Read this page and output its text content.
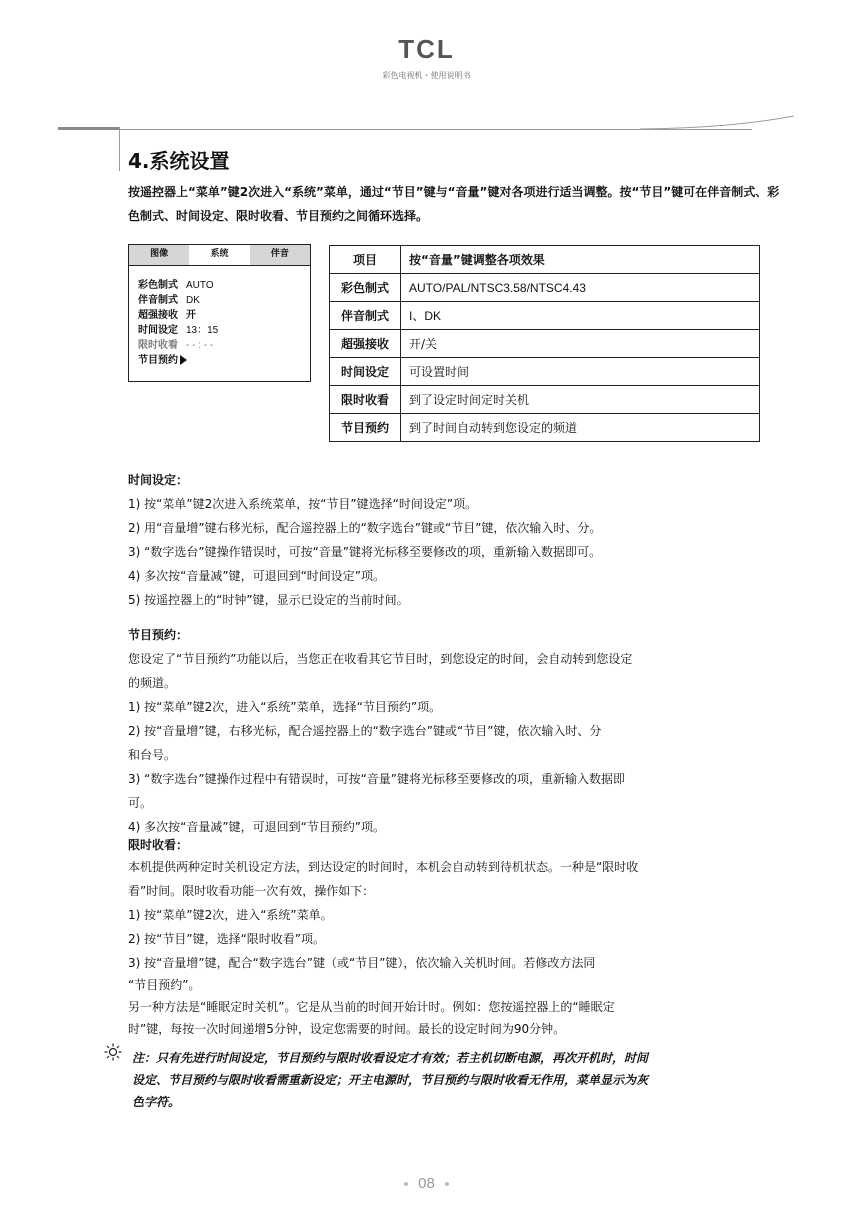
TCL
彩色电视机・使用说明书
4.系统设置
按遥控器上“菜单”键2次进入“系统”菜单，通过“节目”键与“音量”键对各项进行适当调整。按“节目”键可在伴音制式、彩色制式、时间设定、限时收看、节目预约之间循环选择。
图像	系统	伴音
彩色制式 AUTO
伴音制式 DK
超强接收 开
时间设定 13：15
限时收看 - - : - -
节目预约
项目	按“音量”键调整各项效果
彩色制式	AUTO/PAL/NTSC3.58/NTSC4.43
伴音制式	I、DK
超强接收	开/关
时间设定	可设置时间
限时收看	到了设定时间定时关机
节目预约	到了时间自动转到您设定的频道
时间设定：
1) 按“菜单”键2次进入系统菜单，按“节目”键选择“时间设定”项。
2) 用“音量增”键右移光标，配合遥控器上的“数字选台”键或“节目”键，依次输入时、分。
3) “数字选台”键操作错误时，可按“音量”键将光标移至要修改的项，重新输入数据即可。
4) 多次按“音量减”键，可退回到“时间设定”项。
5) 按遥控器上的“时钟”键，显示已设定的当前时间。
节目预约：
您设定了“节目预约”功能以后，当您正在收看其它节目时，到您设定的时间，会自动转到您设定
的频道。
1) 按“菜单”键2次，进入“系统”菜单，选择“节目预约”项。
2) 按“音量增”键，右移光标，配合遥控器上的“数字选台”键或“节目”键，依次输入时、分
和台号。
3) “数字选台”键操作过程中有错误时，可按“音量”键将光标移至要修改的项，重新输入数据即
可。
4) 多次按“音量减”键，可退回到“节目预约”项。
限时收看：
本机提供两种定时关机设定方法，到达设定的时间时，本机会自动转到待机状态。一种是“限时收
看”时间。限时收看功能一次有效，操作如下：
1) 按“菜单”键2次，进入“系统”菜单。
2) 按“节目”键，选择“限时收看”项。
3) 按“音量增”键，配合“数字选台”键（或“节目”键），依次输入关机时间。若修改方法同
“节目预约”。
另一种方法是“睡眠定时关机”。它是从当前的时间开始计时。例如：您按遥控器上的“睡眠定
时”键，每按一次时间递增5分钟，设定您需要的时间。最长的设定时间为90分钟。
注：只有先进行时间设定，节目预约与限时收看设定才有效；若主机切断电源，再次开机时，时间
设定、节目预约与限时收看需重新设定；开主电源时，节目预约与限时收看无作用，菜单显示为灰
色字符。
08
